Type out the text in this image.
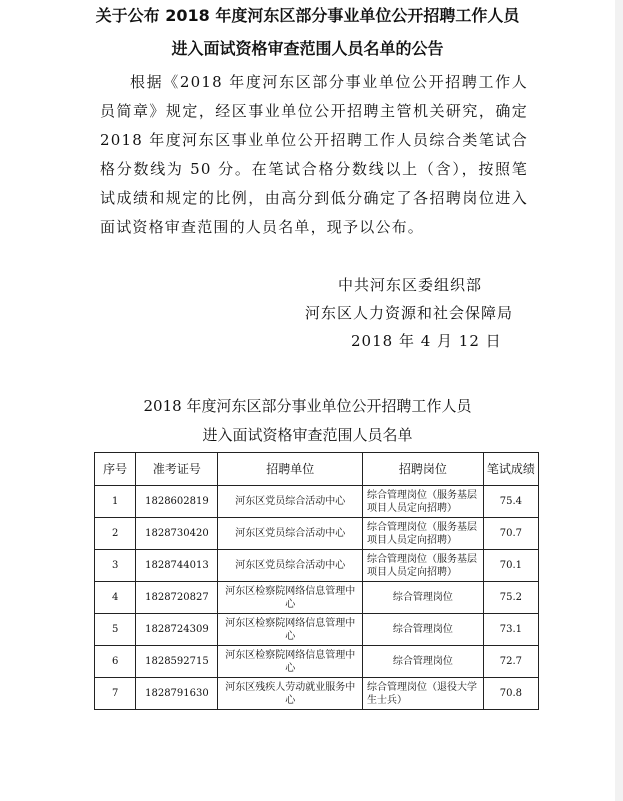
关于公布 2018 年度河东区部分事业单位公开招聘工作人员
进入面试资格审查范围人员名单的公告
根据《2018 年度河东区部分事业单位公开招聘工作人员简章》规定，经区事业单位公开招聘主管机关研究，确定 2018 年度河东区事业单位公开招聘工作人员综合类笔试合格分数线为 50 分。在笔试合格分数线以上（含），按照笔试成绩和规定的比例，由高分到低分确定了各招聘岗位进入面试资格审查范围的人员名单，现予以公布。
中共河东区委组织部
河东区人力资源和社会保障局
2018 年 4 月 12 日
2018 年度河东区部分事业单位公开招聘工作人员
进入面试资格审查范围人员名单
序号	准考证号	招聘单位	招聘岗位	笔试成绩
1	1828602819	河东区党员综合活动中心	综合管理岗位（服务基层项目人员定向招聘）	75.4
2	1828730420	河东区党员综合活动中心	综合管理岗位（服务基层项目人员定向招聘）	70.7
3	1828744013	河东区党员综合活动中心	综合管理岗位（服务基层项目人员定向招聘）	70.1
4	1828720827	河东区检察院网络信息管理中心	综合管理岗位	75.2
5	1828724309	河东区检察院网络信息管理中心	综合管理岗位	73.1
6	1828592715	河东区检察院网络信息管理中心	综合管理岗位	72.7
7	1828791630	河东区残疾人劳动就业服务中心	综合管理岗位（退役大学生士兵）	70.8
